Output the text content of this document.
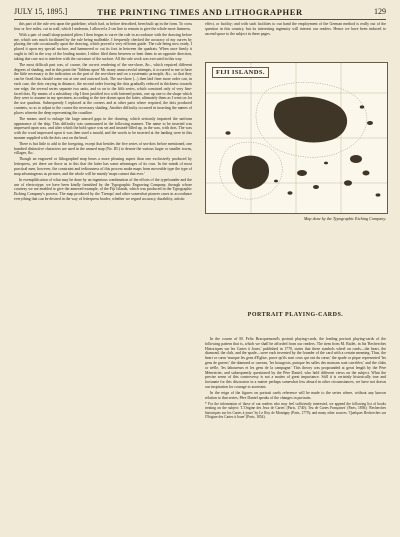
JULY 15, 1895.]	THE PRINTING TIMES AND LITHOGRAPHER	129

this part of the rule rest upon the guideline, which had, as before described, been built up in the form. To cross four or five miles, cut in wall, which I underran, I allowed a 2-cm line to remain to give the whole more firmness.

With a pair of small sharp-pointed pliers I then began to curve the rule in accordance with the drawing before me, which was much facilitated by the rule being malleable. I frequently checked the accuracy of my curves by placing the rule occasionally upon the drawing, which proved a very efficient guide. The rule being now ready, I placed it upon my special surface, and hammered or cut its foot in between the quadrats. When once firmly it ought to fall in the way of the leading matter, I either filed them between or bent them in an opposite direction, taking due care not to interfere with the curvature of the surface. All the rule work was executed in this way.

The most difficult part was, of course, the correct rendering of the sea-shore, &c., which required different degrees of shading, and in this point the 'Tableau upon' Mr. many unsuccessful attempts, it occurred to me to have the little necessary to the indication on the part of the sea-shore and on a systematic principle, &c., so that they can be fixed thus should come out at one and outward look. The sea-shore (...) then laid finer more order can, in each case, the dots varying in distance, the second order leaving the dots gradually reduced in thickness towards one edge, the several series separate two units, and so on to the fifth series, which consisted only of very fine-faced dots. By means of a subsidiary clip I then justified two with fattened points, one up one to the shape which they were to assume in my specimen, according to the tree drawn upon the latter, ultimately them as I went on for the use quadrats. Subsequently I replaced at the corners and at other parts where required, the dots produced contents, so as to adjust to the course the necessary shading. Another difficulty occurred in inserting the names of places wherein the deep representing the coastline.

The means used to enlarge the large unused gaps in the drawing, which seriously impaired the uniform appearance of the ship. This difficulty was surmounted in the following manner. The name to be inserted was impressed upon wax, and after which the bold space was set and instead-filled up, in the wax, with dots. The wax with the word impressed upon it was then used a mould, and the words to be inserted at the landing were in this manner supplied with the dots cast on the bead.

There is but little to add to the foregoing, except that besides the five series of sea-dots before mentioned, one hundred distinctive characters are used in the unused map (No. III.) to denote the various larger or smaller towns, villages, &c.

Though an engraved or lithographed map bears a more pleasing aspect than one exclusively produced by letterpress, yet there are those as to this that the latter has some advantages of its own. In the minds of most practical men, however, the constraint and tediousness of this process make maps from moveable type the type of map advantageous as pictures, and the whole will be mainly 'maps cannot that ever.'

In exemplification of what may be done by an ingenious combination of the efforts of the typefounder and the use of electrotype, we have been kindly furnished by the Typographic Engraving Company, through whose courtesy we are enabled to give the annexed example, of the Fiji Islands, which was produced in the Typographic Etching Company's process. The map produced by the 'Tiempo' and other somewhat pioneer cases in accordance everything that can be desired in the way of letterpress border, whether we regard accuracy, durability, artistic

effect, or facility; and with such facilities to our hand the employment of the German method is really out of the question in this country, but its interesting ingenuity will interest our readers. Hence we have been induced to ascend space to the subject in these pages.

FIJI ISLANDS.
Map done by the Typographic Etching Company.
PORTRAIT PLAYING-CARDS.

In the course of M. Felix Bracquemond's portrait playing-cards, the leading portrait playing-cards of the following pattern that is, which we shall be afforded from our readers. The item from M. Bailet, in his 'Recherches Historiques sur les Cartes à Jouer,' published in 1770, states that these symbols wheel on cards—the heart, the diamond, the club, and the spade—were each invented by the founder of the card with a certain meaning. Thus, the heart or cœur 'marque les gens d'Eglise, parce qu'ils sont ceux qui ont du cœur;' the spade or pique represented 'les gens de guerre;' the diamond or carreau, 'les bourgeois, puisque les salles des maisons sont carrelées;' and the clubs or trèfle, 'les laboureurs et les gens de la campagne.' This theory was propounded at great length by the Père Ménestrier, and subsequently questioned by the Père Daniel, who held different views on the subject. What the precise sense of this controversy is not a matter of great importance. Still it is certainly historically true and fortunate for this discussion in a matter perhaps somewhat less absurd in other circumstances, we have not drawn our inspiration for courage to ascertain.

In the reign of the figures on portrait cards reference will be made to the series where, without any known relation to that series, Père Daniel speaks of the changes in portraits.

* For the information of those of our readers who may feel sufficiently interested, we append the following list of books treating on the subject: 'L'Origine des Jeux de Cartes' (Paris, 1740); 'Jeu de Cartes Françaises' (Paris, 1856); 'Recherches historiques sur les Cartes à jouer' by Le Roy de Montigny (Paris, 1779); and many other sources. 'Quelques Recherches sur l'Origine des Cartes à Jouer' (Paris, 1854).
